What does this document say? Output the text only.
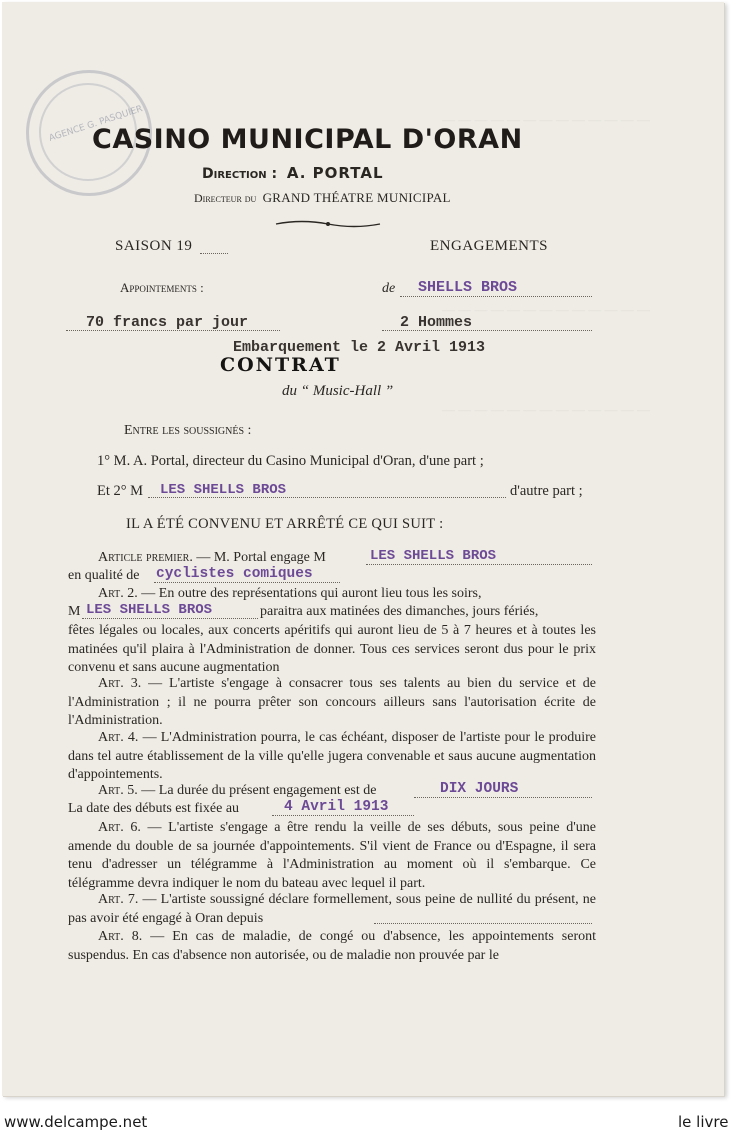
— — — — — — — — — — — — —
— — — — — — — — — — — — —
— — — — — — — — — — — — —
AGENCE G. PASQUIER
CASINO MUNICIPAL D'ORAN
Direction : A. PORTAL
Directeur du GRAND THÉATRE MUNICIPAL
SAISON 19	ENGAGEMENTS
Appointements :	de SHELLS BROS
70 francs par jour	2 Hommes
Embarquement le 2 Avril 1913
CONTRAT
du “ Music-Hall ”
Entre les soussignés :
1° M. A. Portal, directeur du Casino Municipal d'Oran, d'une part ;
Et 2° M LES SHELLS BROS	d'autre part ;
IL A ÉTÉ CONVENU ET ARRÊTÉ CE QUI SUIT :
Article premier. — M. Portal engage M	LES SHELLS BROS
en qualité de cyclistes comiques
Art. 2. — En outre des représentations qui auront lieu tous les soirs,
M LES SHELLS BROS	paraitra aux matinées des dimanches, jours fériés,
fêtes légales ou locales, aux concerts apéritifs qui auront lieu de 5 à 7 heures et à toutes les matinées qu'il plaira à l'Administration de donner. Tous ces services seront dus pour le prix convenu et sans aucune augmentation
Art. 3. — L'artiste s'engage à consacrer tous ses talents au bien du service et de l'Administration ; il ne pourra prêter son concours ailleurs sans l'autorisation écrite de l'Administration.
Art. 4. — L'Administration pourra, le cas échéant, disposer de l'artiste pour le produire dans tel autre établissement de la ville qu'elle jugera convenable et saus aucune augmentation d'appointements.
Art. 5. — La durée du présent engagement est de	DIX JOURS
La date des débuts est fixée au	4 Avril 1913
Art. 6. — L'artiste s'engage a être rendu la veille de ses débuts, sous peine d'une amende du double de sa journée d'appointements. S'il vient de France ou d'Espagne, il sera tenu d'adresser un télégramme à l'Administration au moment où il s'embarque. Ce télégramme devra indiquer le nom du bateau avec lequel il part.
Art. 7. — L'artiste soussigné déclare formellement, sous peine de nullité du présent, ne pas avoir été engagé à Oran depuis
Art. 8. — En cas de maladie, de congé ou d'absence, les appointements seront suspendus. En cas d'absence non autorisée, ou de maladie non prouvée par le
www.delcampe.net	le livre
